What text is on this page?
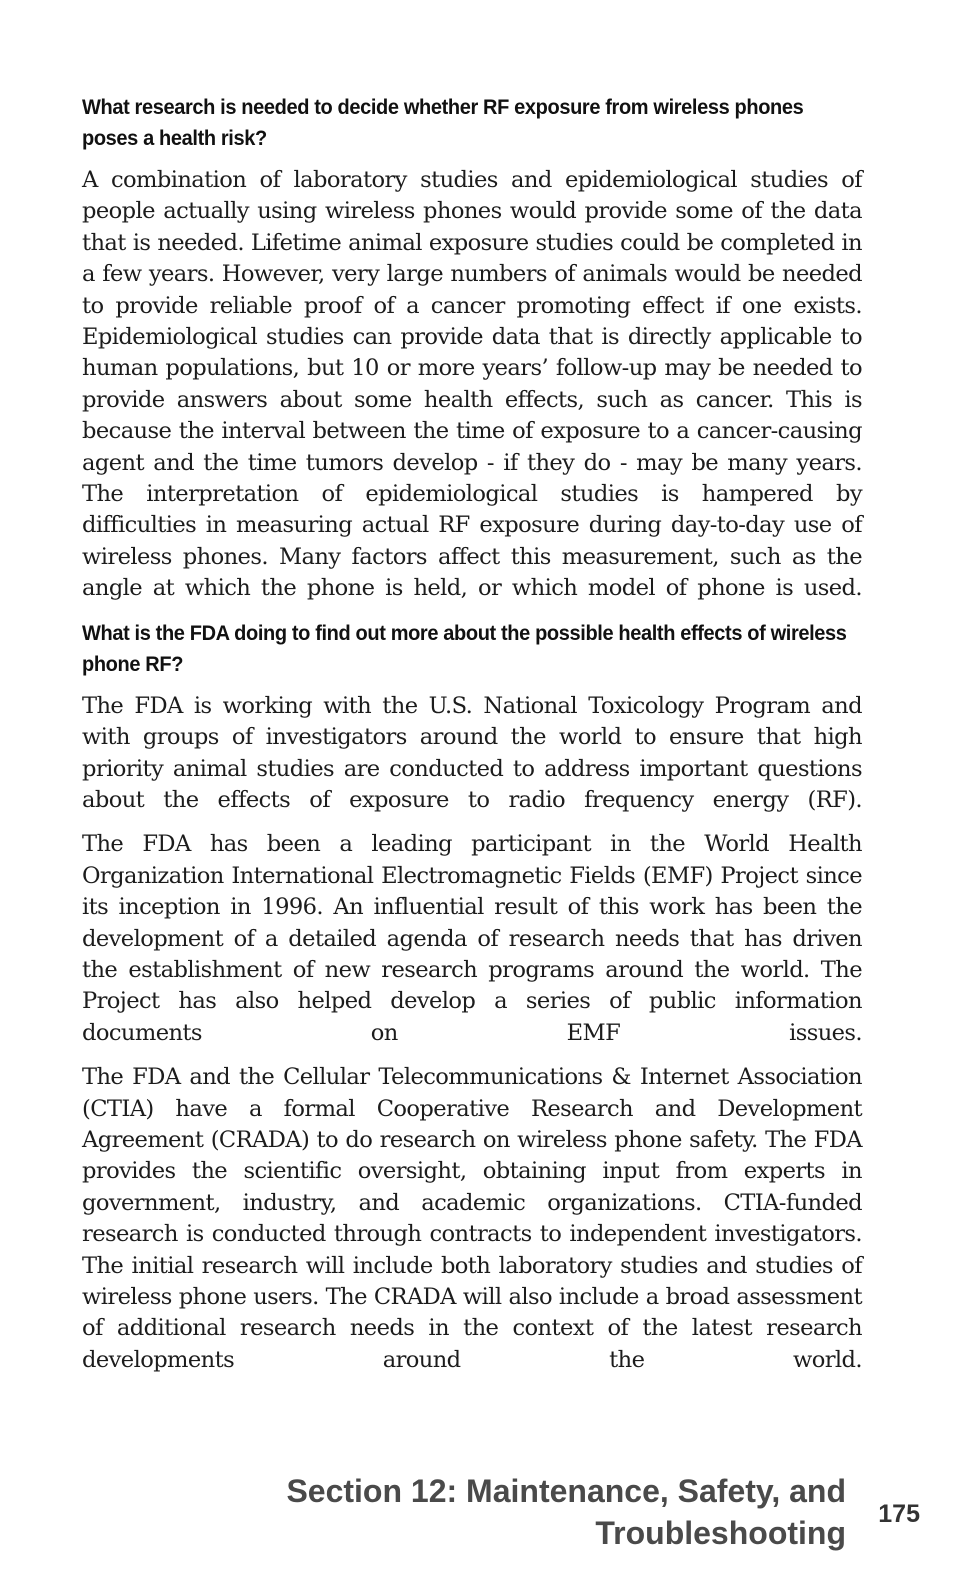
What research is needed to decide whether RF exposure from wireless phones poses a health risk?

A combination of laboratory studies and epidemiological studies of people actually using wireless phones would provide some of the data that is needed. Lifetime animal exposure studies could be completed in a few years. However, very large numbers of animals would be needed to provide reliable proof of a cancer promoting effect if one exists. Epidemiological studies can provide data that is directly applicable to human populations, but 10 or more years’ follow-up may be needed to provide answers about some health effects, such as cancer. This is because the interval between the time of exposure to a cancer-causing agent and the time tumors develop - if they do - may be many years. The interpretation of epidemiological studies is hampered by difficulties in measuring actual RF exposure during day-to-day use of wireless phones. Many factors affect this measurement, such as the angle at which the phone is held, or which model of phone is used.

What is the FDA doing to find out more about the possible health effects of wireless phone RF?

The FDA is working with the U.S. National Toxicology Program and with groups of investigators around the world to ensure that high priority animal studies are conducted to address important questions about the effects of exposure to radio frequency energy (RF).

The FDA has been a leading participant in the World Health Organization International Electromagnetic Fields (EMF) Project since its inception in 1996. An influential result of this work has been the development of a detailed agenda of research needs that has driven the establishment of new research programs around the world. The Project has also helped develop a series of public information documents on EMF issues.

The FDA and the Cellular Telecommunications & Internet Association (CTIA) have a formal Cooperative Research and Development Agreement (CRADA) to do research on wireless phone safety. The FDA provides the scientific oversight, obtaining input from experts in government, industry, and academic organizations. CTIA-funded research is conducted through contracts to independent investigators. The initial research will include both laboratory studies and studies of wireless phone users. The CRADA will also include a broad assessment of additional research needs in the context of the latest research developments around the world.

Section 12: Maintenance, Safety, and
Troubleshooting
175
